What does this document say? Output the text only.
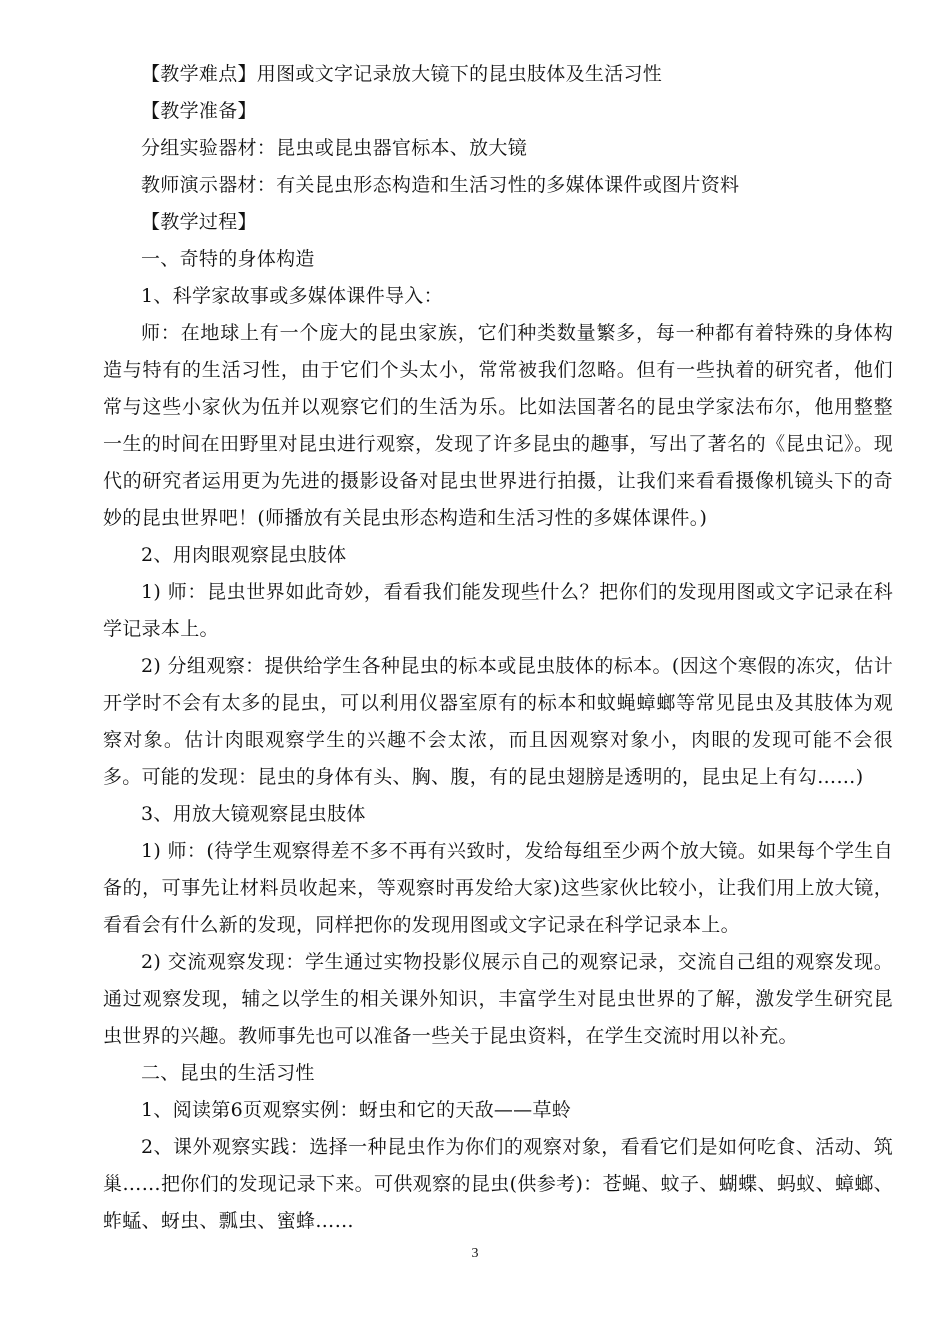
【教学难点】用图或文字记录放大镜下的昆虫肢体及生活习性

【教学准备】

分组实验器材：昆虫或昆虫器官标本、放大镜

教师演示器材：有关昆虫形态构造和生活习性的多媒体课件或图片资料

【教学过程】

一、奇特的身体构造

1、科学家故事或多媒体课件导入：

师：在地球上有一个庞大的昆虫家族，它们种类数量繁多，每一种都有着特殊的身体构造与特有的生活习性，由于它们个头太小，常常被我们忽略。但有一些执着的研究者，他们常与这些小家伙为伍并以观察它们的生活为乐。比如法国著名的昆虫学家法布尔，他用整整一生的时间在田野里对昆虫进行观察，发现了许多昆虫的趣事，写出了著名的《昆虫记》。现代的研究者运用更为先进的摄影设备对昆虫世界进行拍摄，让我们来看看摄像机镜头下的奇妙的昆虫世界吧！(师播放有关昆虫形态构造和生活习性的多媒体课件。)

2、用肉眼观察昆虫肢体

1) 师：昆虫世界如此奇妙，看看我们能发现些什么？把你们的发现用图或文字记录在科学记录本上。

2) 分组观察：提供给学生各种昆虫的标本或昆虫肢体的标本。(因这个寒假的冻灾，估计开学时不会有太多的昆虫，可以利用仪器室原有的标本和蚊蝇蟑螂等常见昆虫及其肢体为观察对象。估计肉眼观察学生的兴趣不会太浓，而且因观察对象小，肉眼的发现可能不会很多。可能的发现：昆虫的身体有头、胸、腹，有的昆虫翅膀是透明的，昆虫足上有勾……)

3、用放大镜观察昆虫肢体

1) 师：(待学生观察得差不多不再有兴致时，发给每组至少两个放大镜。如果每个学生自备的，可事先让材料员收起来，等观察时再发给大家)这些家伙比较小，让我们用上放大镜，看看会有什么新的发现，同样把你的发现用图或文字记录在科学记录本上。

2) 交流观察发现：学生通过实物投影仪展示自己的观察记录，交流自己组的观察发现。通过观察发现，辅之以学生的相关课外知识，丰富学生对昆虫世界的了解，激发学生研究昆虫世界的兴趣。教师事先也可以准备一些关于昆虫资料，在学生交流时用以补充。

二、昆虫的生活习性

1、阅读第6页观察实例：蚜虫和它的天敌——草蛉

2、课外观察实践：选择一种昆虫作为你们的观察对象，看看它们是如何吃食、活动、筑巢……把你们的发现记录下来。可供观察的昆虫(供参考)：苍蝇、蚊子、蝴蝶、蚂蚁、蟑螂、蚱蜢、蚜虫、瓢虫、蜜蜂……

3
